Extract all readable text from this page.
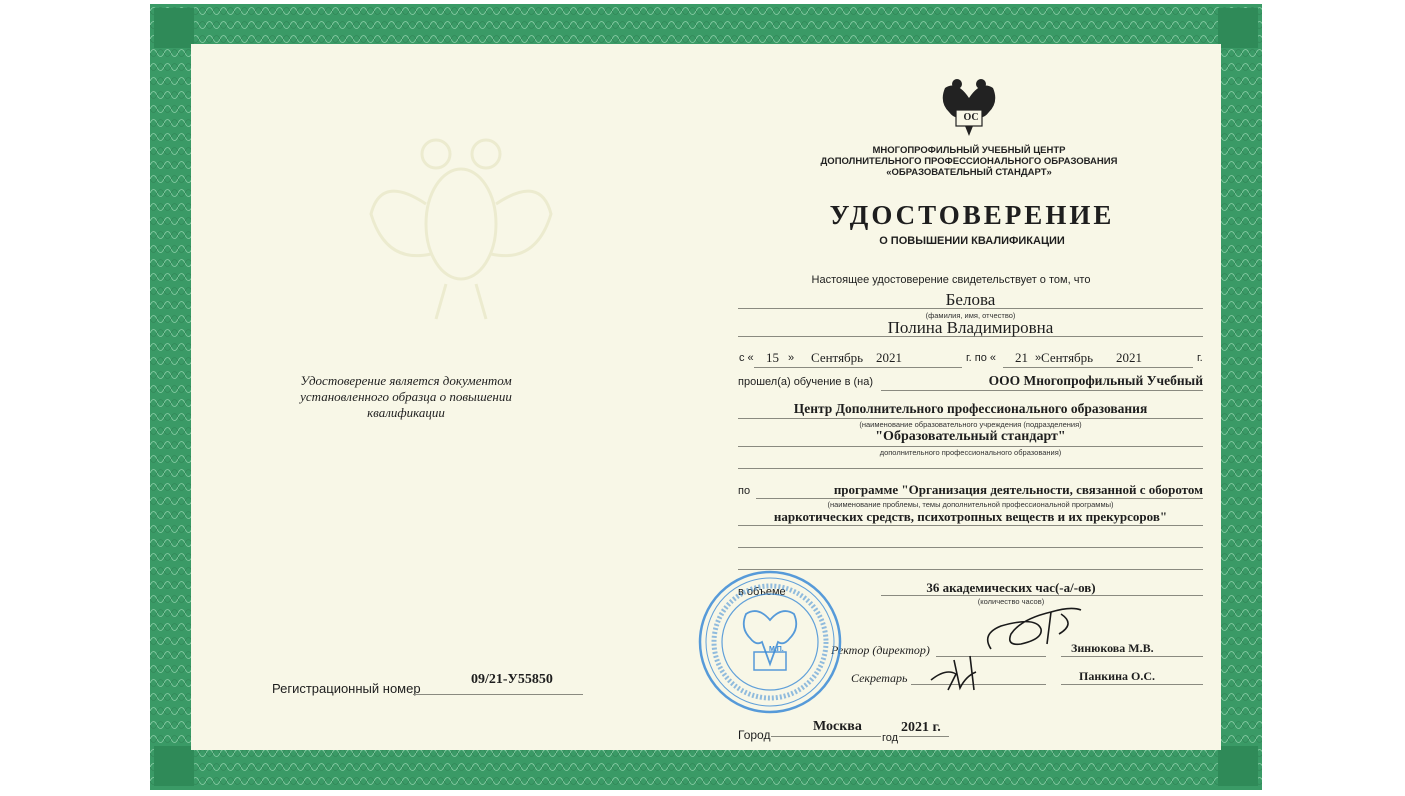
Удостоверение является документом
установленного образца о повышении квалификации
Регистрационный номер
09/21-У55850
ОС
МНОГОПРОФИЛЬНЫЙ УЧЕБНЫЙ ЦЕНТР
ДОПОЛНИТЕЛЬНОГО ПРОФЕССИОНАЛЬНОГО ОБРАЗОВАНИЯ
«ОБРАЗОВАТЕЛЬНЫЙ СТАНДАРТ»
УДОСТОВЕРЕНИЕ
О ПОВЫШЕНИИ КВАЛИФИКАЦИИ
Настоящее удостоверение свидетельствует о том, что
Белова
(фамилия, имя, отчество)
Полина Владимировна
с « 15 » Сентябрь 2021	г. по « 21 » Сентябрь 2021	г.
прошел(а) обучение в (на)	ООО Многопрофильный Учебный
Центр Дополнительного профессионального образования
(наименование образовательного учреждения (подразделения)
"Образовательный стандарт"
дополнительного профессионального образования)
по	программе "Организация деятельности, связанной с оборотом
(наименование проблемы, темы дополнительной профессиональной программы)
наркотических средств, психотропных веществ и их прекурсоров"
в объеме	36 академических час(-а/-ов)
(количество часов)
Ректор (директор)	Зинюкова М.В.
Секретарь	Панкина О.С.
Город
Москва
год
2021 г.
М.П.
